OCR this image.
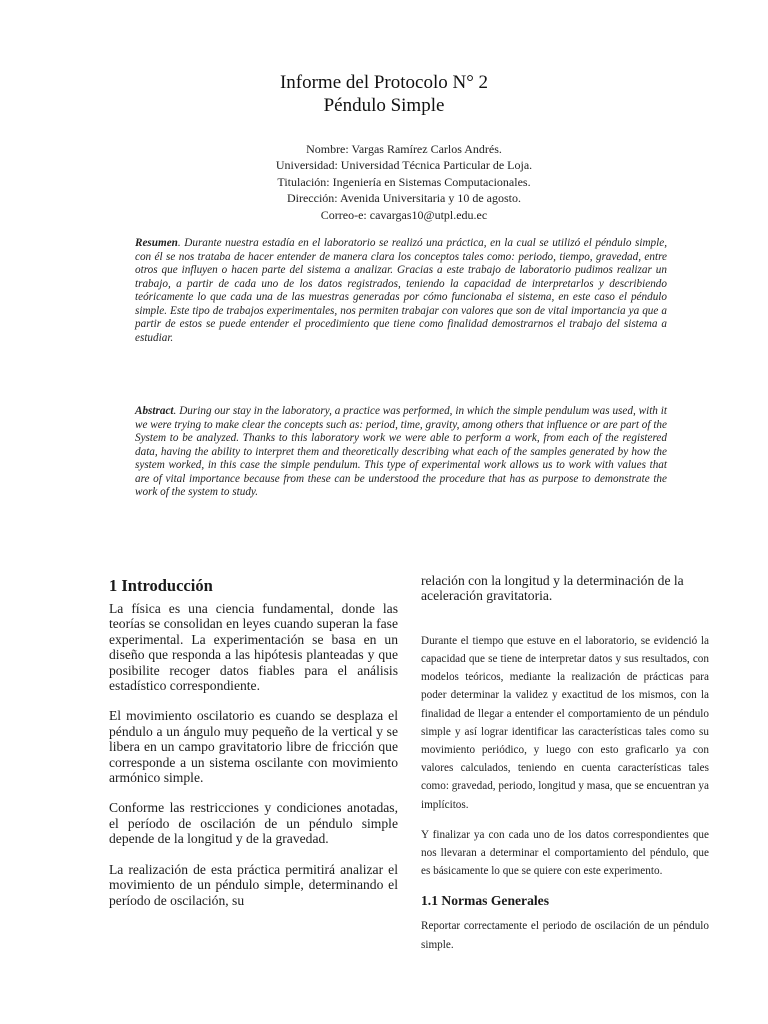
Informe del Protocolo N° 2
Péndulo Simple
Nombre: Vargas Ramírez Carlos Andrés.
Universidad: Universidad Técnica Particular de Loja.
Titulación: Ingeniería en Sistemas Computacionales.
Dirección: Avenida Universitaria y 10 de agosto.
Correo-e: cavargas10@utpl.edu.ec
Resumen. Durante nuestra estadía en el laboratorio se realizó una práctica, en la cual se utilizó el péndulo simple, con él se nos trataba de hacer entender de manera clara los conceptos tales como: periodo, tiempo, gravedad, entre otros que influyen o hacen parte del sistema a analizar. Gracias a este trabajo de laboratorio pudimos realizar un trabajo, a partir de cada uno de los datos registrados, teniendo la capacidad de interpretarlos y describiendo teóricamente lo que cada una de las muestras generadas por cómo funcionaba el sistema, en este caso el péndulo simple. Este tipo de trabajos experimentales, nos permiten trabajar con valores que son de vital importancia ya que a partir de estos se puede entender el procedimiento que tiene como finalidad demostrarnos el trabajo del sistema a estudiar.
Abstract. During our stay in the laboratory, a practice was performed, in which the simple pendulum was used, with it we were trying to make clear the concepts such as: period, time, gravity, among others that influence or are part of the System to be analyzed. Thanks to this laboratory work we were able to perform a work, from each of the registered data, having the ability to interpret them and theoretically describing what each of the samples generated by how the system worked, in this case the simple pendulum. This type of experimental work allows us to work with values that are of vital importance because from these can be understood the procedure that has as purpose to demonstrate the work of the system to study.
1 Introducción

La física es una ciencia fundamental, donde las teorías se consolidan en leyes cuando superan la fase experimental. La experimentación se basa en un diseño que responda a las hipótesis planteadas y que posibilite recoger datos fiables para el análisis estadístico correspondiente.

El movimiento oscilatorio es cuando se desplaza el péndulo a un ángulo muy pequeño de la vertical y se libera en un campo gravitatorio libre de fricción que corresponde a un sistema oscilante con movimiento armónico simple.

Conforme las restricciones y condiciones anotadas, el período de oscilación de un péndulo simple depende de la longitud y de la gravedad.

La realización de esta práctica permitirá analizar el movimiento de un péndulo simple, determinando el período de oscilación, su

relación con la longitud y la determinación de la aceleración gravitatoria.

Durante el tiempo que estuve en el laboratorio, se evidenció la capacidad que se tiene de interpretar datos y sus resultados, con modelos teóricos, mediante la realización de prácticas para poder determinar la validez y exactitud de los mismos, con la finalidad de llegar a entender el comportamiento de un péndulo simple y así lograr identificar las características tales como su movimiento periódico, y luego con esto graficarlo ya con valores calculados, teniendo en cuenta características tales como: gravedad, periodo, longitud y masa, que se encuentran ya implícitos.

Y finalizar ya con cada uno de los datos correspondientes que nos llevaran a determinar el comportamiento del péndulo, que es básicamente lo que se quiere con este experimento.

1.1 Normas Generales

Reportar correctamente el periodo de oscilación de un péndulo simple.
